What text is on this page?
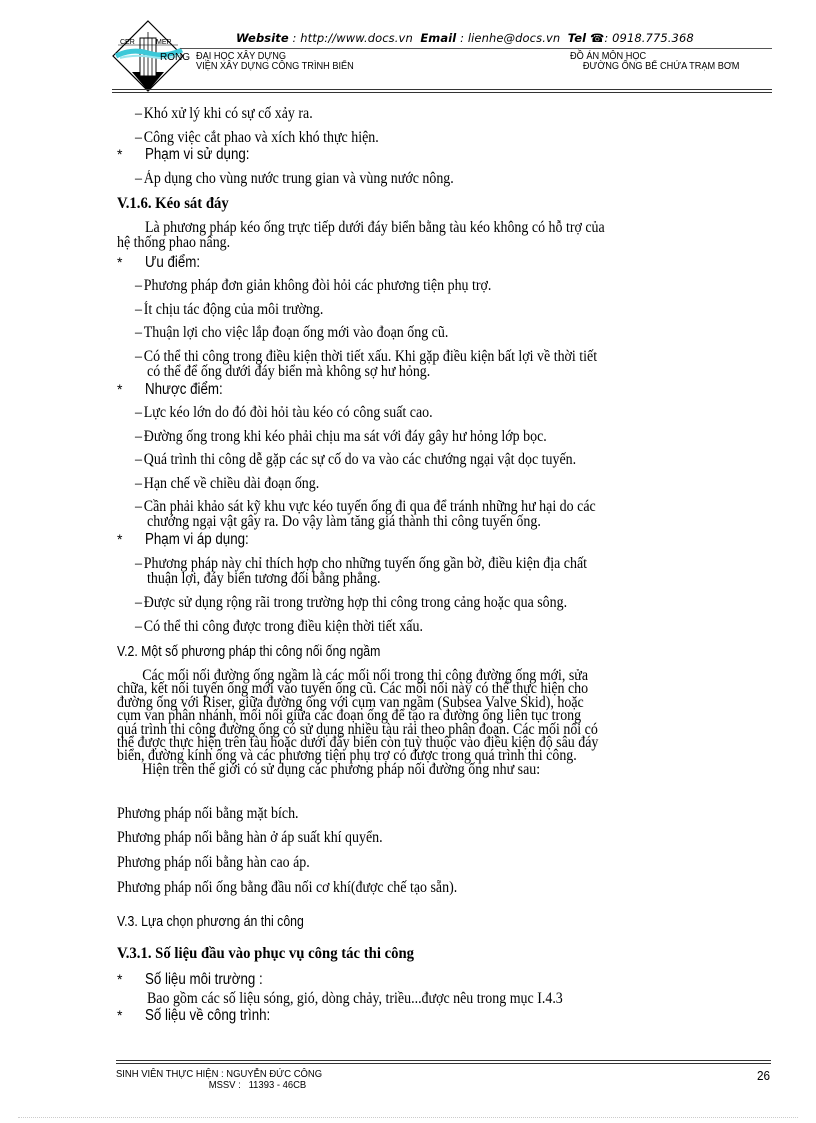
CER	MER	Website : http://www.docs.vn Email : lienhe@docs.vn Tel ☎: 0918.775.368
RONG ĐẠI HỌC XÂY DỰNG
VIỆN XÂY DỰNG CÔNG TRÌNH BIỂN
ĐỒ ÁN MÔN HỌC
ĐƯỜNG ỐNG BỂ CHỨA TRẠM BƠM
– Khó xử lý khi có sự cố xảy ra.
– Công việc cắt phao và xích khó thực hiện.
* Phạm vi sử dụng:
– Áp dụng cho vùng nước trung gian và vùng nước nông.
V.1.6. Kéo sát đáy
Là phương pháp kéo ống trực tiếp dưới đáy biển bằng tàu kéo không có hỗ trợ của
hệ thống phao nâng.
* Ưu điểm:
– Phương pháp đơn giản không đòi hỏi các phương tiện phụ trợ.
– Ít chịu tác động của môi trường.
– Thuận lợi cho việc lắp đoạn ống mới vào đoạn ống cũ.
– Có thể thi công trong điều kiện thời tiết xấu. Khi gặp điều kiện bất lợi về thời tiết
có thể để ống dưới đáy biển mà không sợ hư hỏng.
* Nhược điểm:
– Lực kéo lớn do đó đòi hỏi tàu kéo có công suất cao.
– Đường ống trong khi kéo phải chịu ma sát với đáy gây hư hỏng lớp bọc.
– Quá trình thi công dễ gặp các sự cố do va vào các chướng ngại vật dọc tuyến.
– Hạn chế về chiều dài đoạn ống.
– Cần phải khảo sát kỹ khu vực kéo tuyến ống đi qua để tránh những hư hại do các
chướng ngại vật gây ra. Do vậy làm tăng giá thành thi công tuyến ống.
* Phạm vi áp dụng:
– Phương pháp này chỉ thích hợp cho những tuyến ống gần bờ, điều kiện địa chất
thuận lợi, đáy biển tương đối bằng phẳng.
– Được sử dụng rộng rãi trong trường hợp thi công trong cảng hoặc qua sông.
– Có thể thi công được trong điều kiện thời tiết xấu.
V.2. Một số phương pháp thi công nối ống ngầm
Các mối nối đường ống ngầm là các mối nối trong thi công đường ống mới, sửa
chữa, kết nối tuyến ống mới vào tuyến ống cũ. Các mối nối này có thể thực hiện cho
đường ống với Riser, giữa đường ống với cụm van ngầm (Subsea Valve Skid), hoặc
cụm van phân nhánh, mối nối giữa các đoạn ống để tạo ra đường ống liên tục trong
quá trình thi công đường ống có sử dụng nhiều tàu rải theo phân đoạn. Các mối nối có
thể được thực hiện trên tàu hoặc dưới đáy biển còn tuỳ thuộc vào điều kiện độ sâu đáy
biển, đường kính ống và các phương tiện phụ trợ có được trong quá trình thi công.
Hiện trên thế giới có sử dụng các phương pháp nối đường ống như sau:
Phương pháp nối bằng mặt bích.
Phương pháp nối bằng hàn ở áp suất khí quyển.
Phương pháp nối bằng hàn cao áp.
Phương pháp nối ống bằng đầu nối cơ khí(được chế tạo sẵn).
V.3. Lựa chọn phương án thi công
V.3.1. Số liệu đầu vào phục vụ công tác thi công
* Số liệu môi trường :
Bao gồm các số liệu sóng, gió, dòng chảy, triều...được nêu trong mục I.4.3
* Số liệu về công trình:
SINH VIÊN THỰC HIỆN : NGUYỄN ĐỨC CÔNG
MSSV : 11393 - 46CB
26
